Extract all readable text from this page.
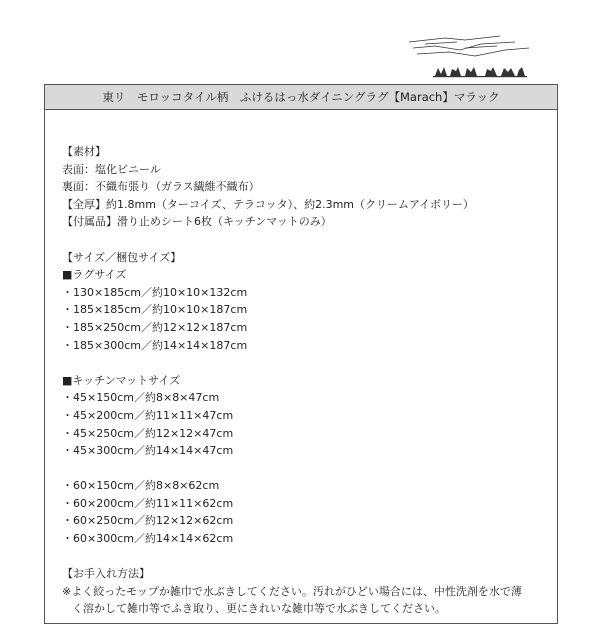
東リ　モロッコタイル柄　ふけるはっ水ダイニングラグ【Marach】マラック
【素材】
表面：塩化ビニール
裏面：不織布張り（ガラス繊維不織布）
【全厚】約1.8mm（ターコイズ、テラコッタ）、約2.3mm（クリームアイボリー）
【付属品】滑り止めシート6枚（キッチンマットのみ）
【サイズ／梱包サイズ】
■ラグサイズ
・130×185cm／約10×10×132cm
・185×185cm／約10×10×187cm
・185×250cm／約12×12×187cm
・185×300cm／約14×14×187cm
■キッチンマットサイズ
・45×150cm／約8×8×47cm
・45×200cm／約11×11×47cm
・45×250cm／約12×12×47cm
・45×300cm／約14×14×47cm
・60×150cm／約8×8×62cm
・60×200cm／約11×11×62cm
・60×250cm／約12×12×62cm
・60×300cm／約14×14×62cm
【お手入れ方法】
※よく絞ったモップか雑巾で水ぶきしてください。汚れがひどい場合には、中性洗剤を水で薄
く溶かして雑巾等でふき取り、更にきれいな雑巾等で水ぶきしてください。
